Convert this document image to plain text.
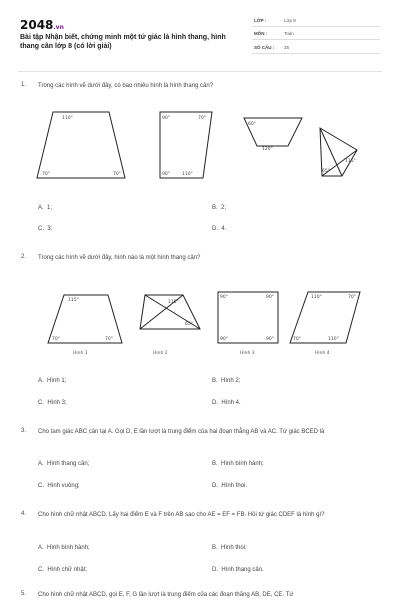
2048.vn
Bài tập Nhận biết, chứng minh một tứ giác là hình thang, hình thang cân lớp 8 (có lời giải)
LỚP :	Lớp 8
MÔN :	Toán
SỐ CÂU : 25
1. Trong các hình vẽ dưới đây, có bao nhiêu hình là hình thang cân?
110°
70°	70°
90°	70°
90°	110°
60°
120°
115°
65°
A. 1;	B. 2;
C. 3;	D. 4.
2. Trong các hình vẽ dưới đây, hình nào là một hình thang cân?
115°
70°	70°
115°
65°
90°	90°
90°	90°
110°	70°
70°	110°
Hình 1	Hình 2	Hình 3	Hình 4
A. Hình 1;	B. Hình 2;
C. Hình 3;	D. Hình 4.
3. Cho tam giác ABC cân tại A. Gọi D, E lần lượt là trung điểm của hai đoạn thẳng AB và AC. Tứ giác BCED là
A. Hình thang cân;	B. Hình bình hành;
C. Hình vuông;	D. Hình thoi.
4. Cho hình chữ nhật ABCD. Lấy hai điểm E và F trên AB sao cho AE = EF = FB. Hỏi tứ giác CDEF là hình gì?
A. Hình bình hành;	B. Hình thoi;
C. Hình chữ nhật;	D. Hình thang cân.
5. Cho hình chữ nhật ABCD, gọi E, F, G lần lượt là trung điểm của các đoạn thẳng AB, DE, CE. Tứ
